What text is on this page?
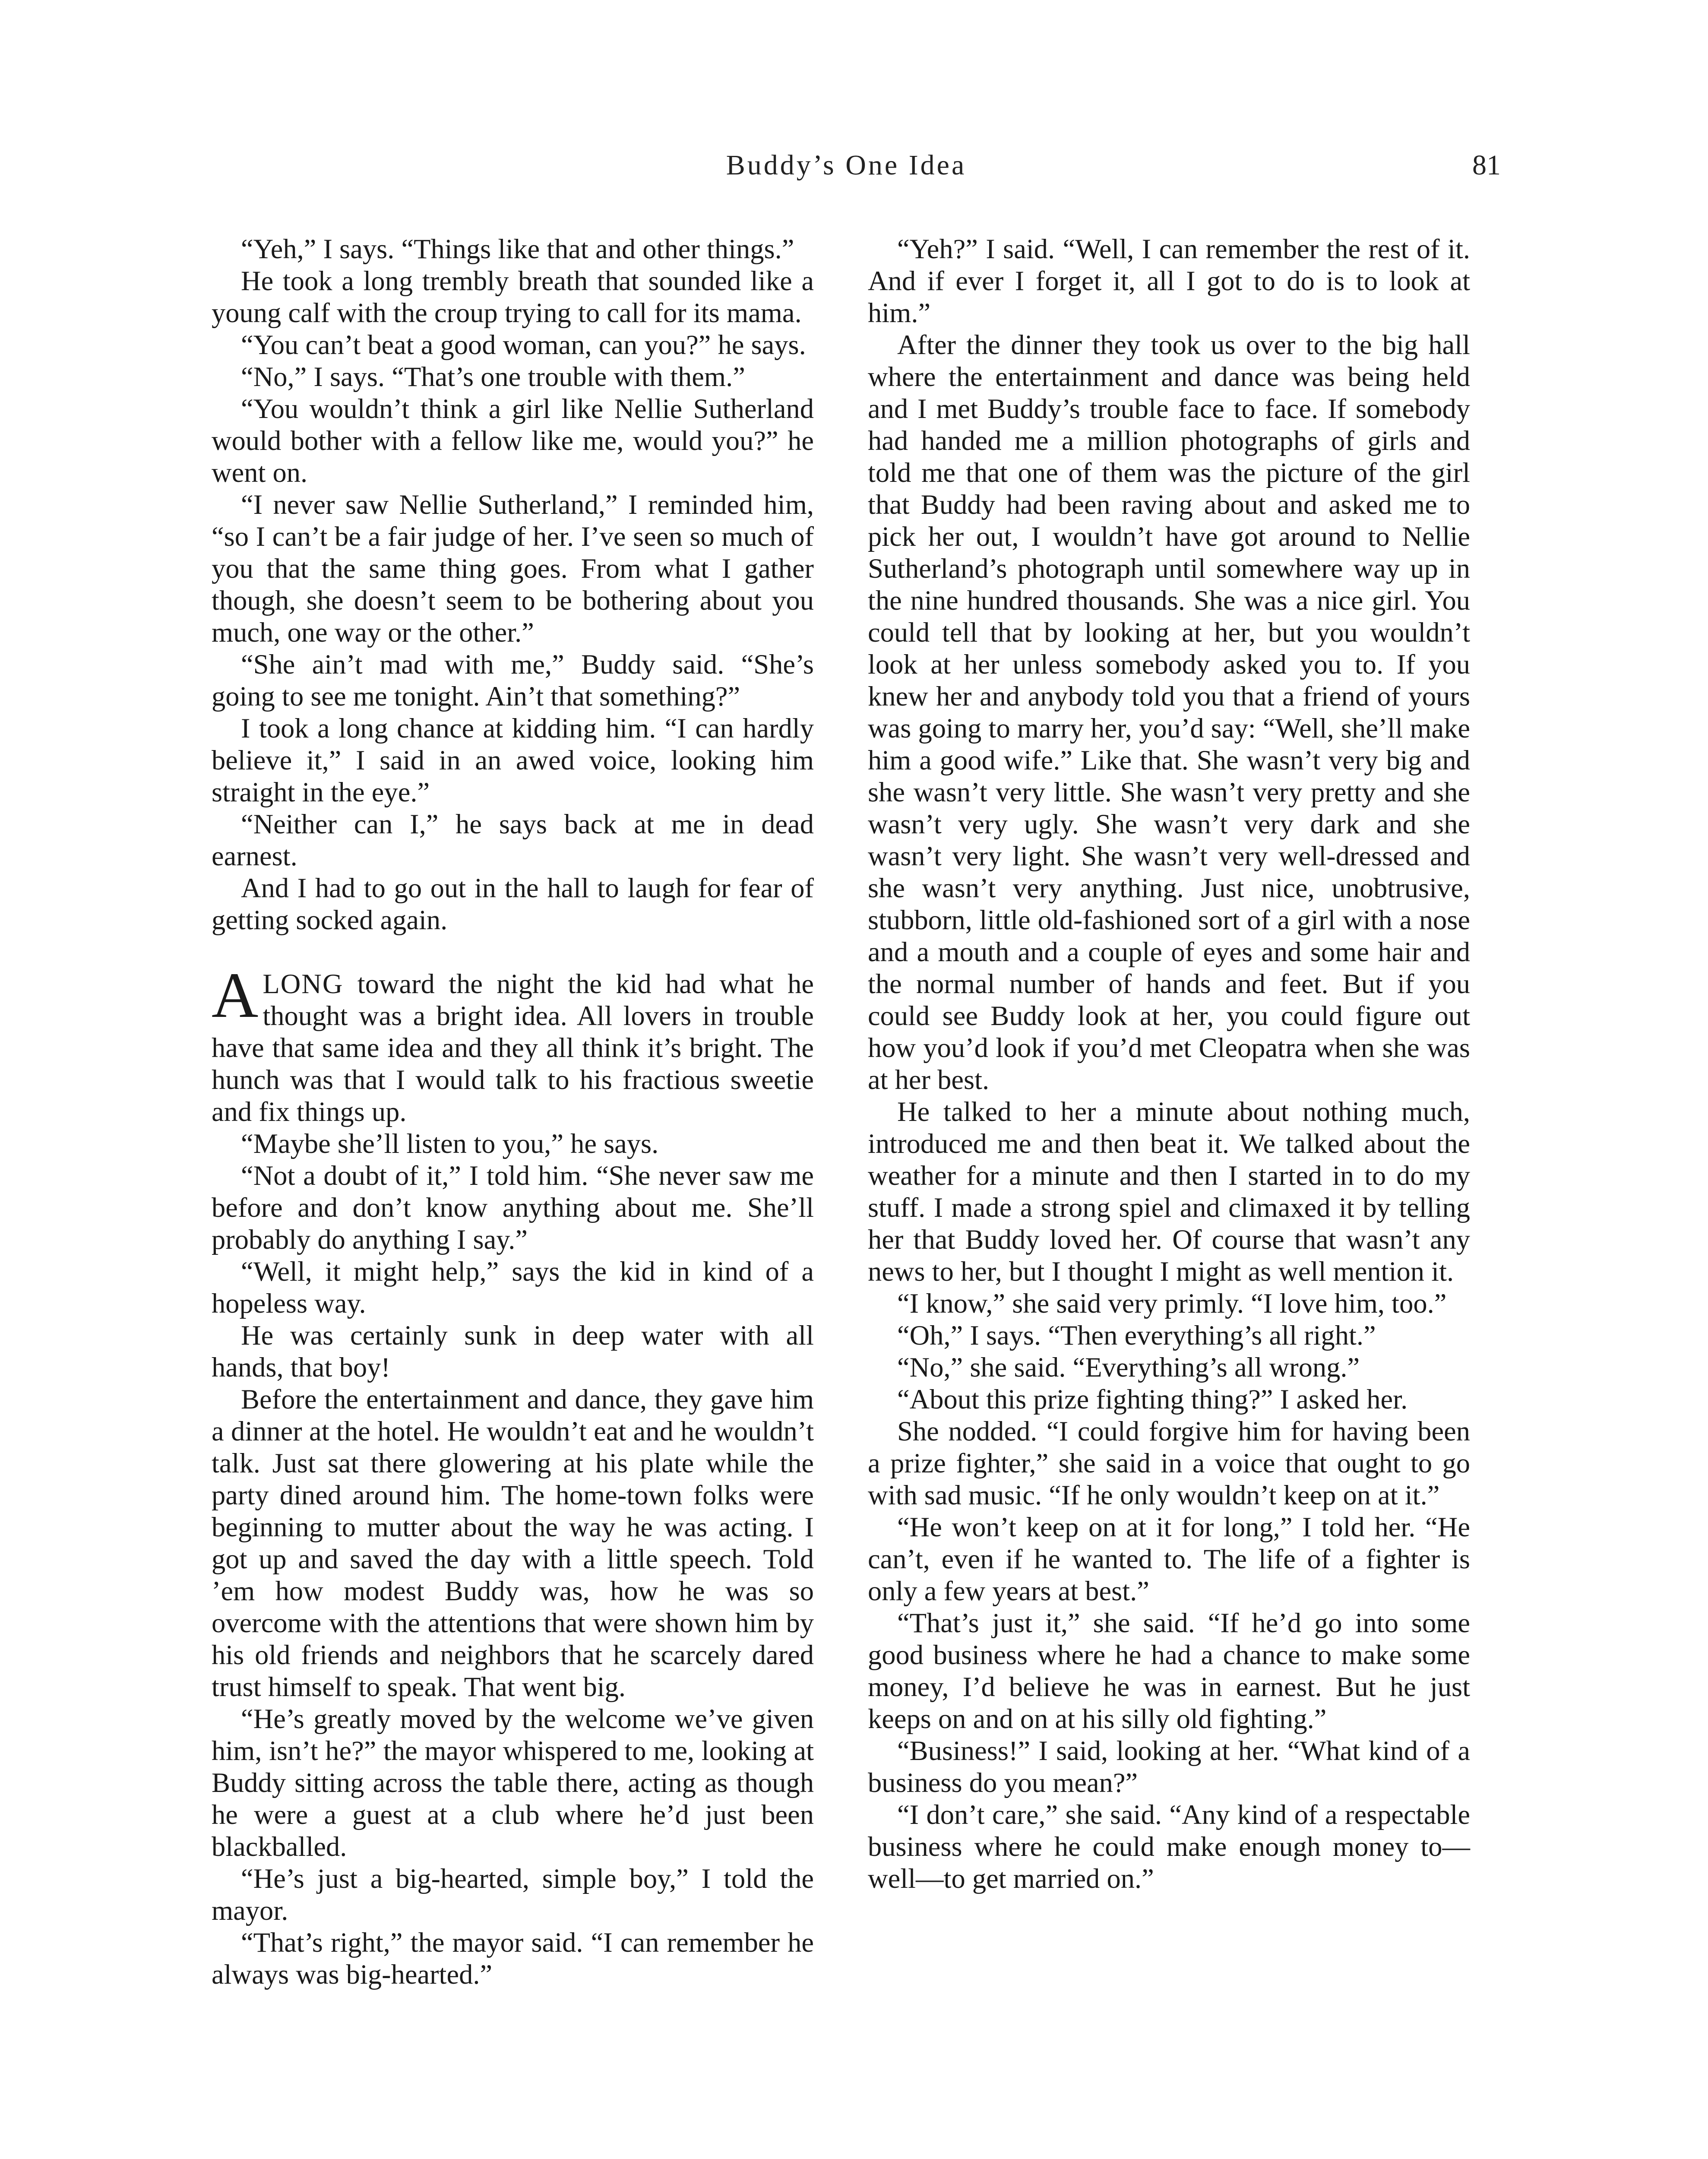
Buddy’s One Idea	81

“Yeh,” I says. “Things like that and other things.”

He took a long trembly breath that sounded like a young calf with the croup trying to call for its mama.

“You can’t beat a good woman, can you?” he says.

“No,” I says. “That’s one trouble with them.”

“You wouldn’t think a girl like Nellie Sutherland would bother with a fellow like me, would you?” he went on.

“I never saw Nellie Sutherland,” I reminded him, “so I can’t be a fair judge of her. I’ve seen so much of you that the same thing goes. From what I gather though, she doesn’t seem to be bothering about you much, one way or the other.”

“She ain’t mad with me,” Buddy said. “She’s going to see me tonight. Ain’t that something?”

I took a long chance at kidding him. “I can hardly believe it,” I said in an awed voice, looking him straight in the eye.”

“Neither can I,” he says back at me in dead earnest.

And I had to go out in the hall to laugh for fear of getting socked again.

ALONG toward the night the kid had what he thought was a bright idea. All lovers in trouble have that same idea and they all think it’s bright. The hunch was that I would talk to his fractious sweetie and fix things up.

“Maybe she’ll listen to you,” he says.

“Not a doubt of it,” I told him. “She never saw me before and don’t know anything about me. She’ll probably do anything I say.”

“Well, it might help,” says the kid in kind of a hopeless way.

He was certainly sunk in deep water with all hands, that boy!

Before the entertainment and dance, they gave him a dinner at the hotel. He wouldn’t eat and he wouldn’t talk. Just sat there glowering at his plate while the party dined around him. The home-town folks were beginning to mutter about the way he was acting. I got up and saved the day with a little speech. Told ’em how modest Buddy was, how he was so overcome with the attentions that were shown him by his old friends and neighbors that he scarcely dared trust himself to speak. That went big.

“He’s greatly moved by the welcome we’ve given him, isn’t he?” the mayor whispered to me, looking at Buddy sitting across the table there, acting as though he were a guest at a club where he’d just been blackballed.

“He’s just a big-hearted, simple boy,” I told the mayor.

“That’s right,” the mayor said. “I can remember he always was big-hearted.”

“Yeh?” I said. “Well, I can remember the rest of it. And if ever I forget it, all I got to do is to look at him.”

After the dinner they took us over to the big hall where the entertainment and dance was being held and I met Buddy’s trouble face to face. If somebody had handed me a million photographs of girls and told me that one of them was the picture of the girl that Buddy had been raving about and asked me to pick her out, I wouldn’t have got around to Nellie Sutherland’s photograph until somewhere way up in the nine hundred thousands. She was a nice girl. You could tell that by looking at her, but you wouldn’t look at her unless somebody asked you to. If you knew her and anybody told you that a friend of yours was going to marry her, you’d say: “Well, she’ll make him a good wife.” Like that. She wasn’t very big and she wasn’t very little. She wasn’t very pretty and she wasn’t very ugly. She wasn’t very dark and she wasn’t very light. She wasn’t very well-dressed and she wasn’t very anything. Just nice, unobtrusive, stubborn, little old-fashioned sort of a girl with a nose and a mouth and a couple of eyes and some hair and the normal number of hands and feet. But if you could see Buddy look at her, you could figure out how you’d look if you’d met Cleopatra when she was at her best.

He talked to her a minute about nothing much, introduced me and then beat it. We talked about the weather for a minute and then I started in to do my stuff. I made a strong spiel and climaxed it by telling her that Buddy loved her. Of course that wasn’t any news to her, but I thought I might as well mention it.

“I know,” she said very primly. “I love him, too.”

“Oh,” I says. “Then everything’s all right.”

“No,” she said. “Everything’s all wrong.”

“About this prize fighting thing?” I asked her.

She nodded. “I could forgive him for having been a prize fighter,” she said in a voice that ought to go with sad music. “If he only wouldn’t keep on at it.”

“He won’t keep on at it for long,” I told her. “He can’t, even if he wanted to. The life of a fighter is only a few years at best.”

“That’s just it,” she said. “If he’d go into some good business where he had a chance to make some money, I’d believe he was in earnest. But he just keeps on and on at his silly old fighting.”

“Business!” I said, looking at her. “What kind of a business do you mean?”

“I don’t care,” she said. “Any kind of a respectable business where he could make enough money to—well—to get married on.”
